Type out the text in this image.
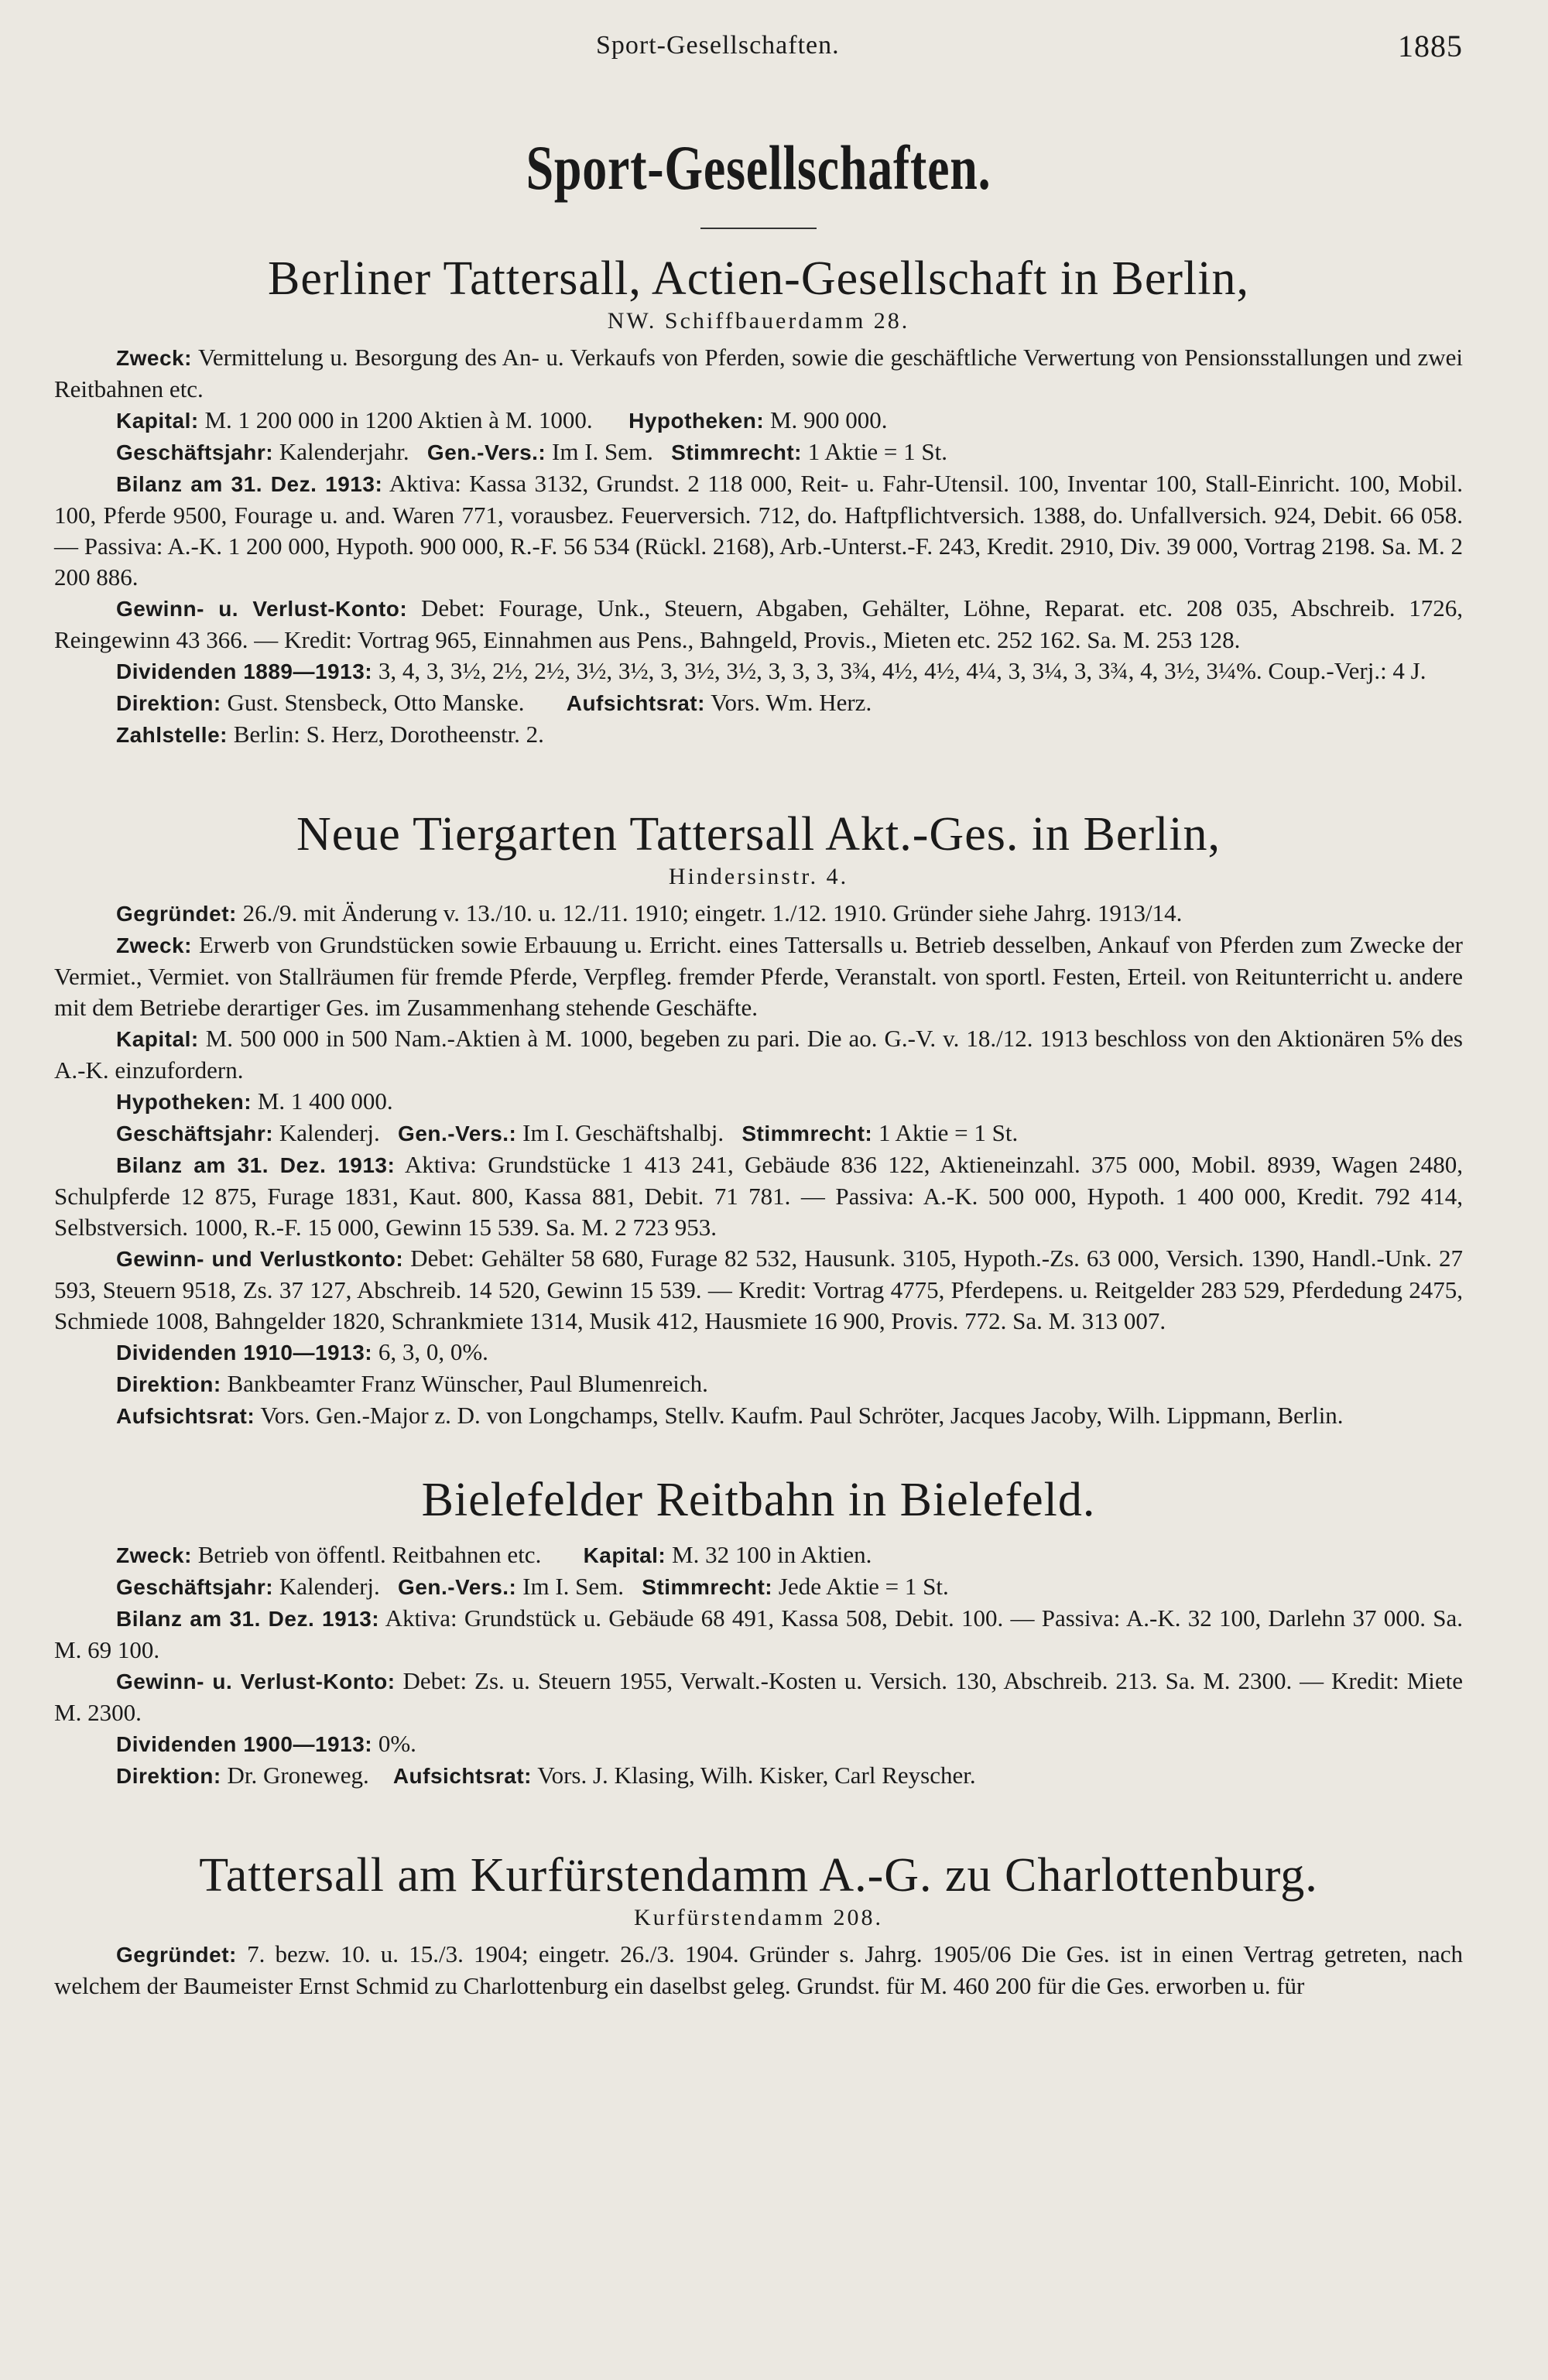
Sport-Gesellschaften.	1885
Sport-Gesellschaften.
Berliner Tattersall, Actien-Gesellschaft in Berlin,
NW. Schiffbauerdamm 28.

Zweck: Vermittelung u. Besorgung des An- u. Verkaufs von Pferden, sowie die geschäftliche Verwertung von Pensionsstallungen und zwei Reitbahnen etc.

Kapital: M. 1 200 000 in 1200 Aktien à M. 1000. Hypotheken: M. 900 000.

Geschäftsjahr: Kalenderjahr. Gen.-Vers.: Im I. Sem. Stimmrecht: 1 Aktie = 1 St.

Bilanz am 31. Dez. 1913: Aktiva: Kassa 3132, Grundst. 2 118 000, Reit- u. Fahr-Utensil. 100, Inventar 100, Stall-Einricht. 100, Mobil. 100, Pferde 9500, Fourage u. and. Waren 771, vorausbez. Feuerversich. 712, do. Haftpflichtversich. 1388, do. Unfallversich. 924, Debit. 66 058. — Passiva: A.-K. 1 200 000, Hypoth. 900 000, R.-F. 56 534 (Rückl. 2168), Arb.-Unterst.-F. 243, Kredit. 2910, Div. 39 000, Vortrag 2198. Sa. M. 2 200 886.

Gewinn- u. Verlust-Konto: Debet: Fourage, Unk., Steuern, Abgaben, Gehälter, Löhne, Reparat. etc. 208 035, Abschreib. 1726, Reingewinn 43 366. — Kredit: Vortrag 965, Einnahmen aus Pens., Bahngeld, Provis., Mieten etc. 252 162. Sa. M. 253 128.

Dividenden 1889—1913: 3, 4, 3, 3½, 2½, 2½, 3½, 3½, 3, 3½, 3½, 3, 3, 3, 3¾, 4½, 4½, 4¼, 3, 3¼, 3, 3¾, 4, 3½, 3¼%. Coup.-Verj.: 4 J.

Direktion: Gust. Stensbeck, Otto Manske. Aufsichtsrat: Vors. Wm. Herz.

Zahlstelle: Berlin: S. Herz, Dorotheenstr. 2.

Neue Tiergarten Tattersall Akt.-Ges. in Berlin,
Hindersinstr. 4.

Gegründet: 26./9. mit Änderung v. 13./10. u. 12./11. 1910; eingetr. 1./12. 1910. Gründer siehe Jahrg. 1913/14.

Zweck: Erwerb von Grundstücken sowie Erbauung u. Erricht. eines Tattersalls u. Betrieb desselben, Ankauf von Pferden zum Zwecke der Vermiet., Vermiet. von Stallräumen für fremde Pferde, Verpfleg. fremder Pferde, Veranstalt. von sportl. Festen, Erteil. von Reitunterricht u. andere mit dem Betriebe derartiger Ges. im Zusammenhang stehende Geschäfte.

Kapital: M. 500 000 in 500 Nam.-Aktien à M. 1000, begeben zu pari. Die ao. G.-V. v. 18./12. 1913 beschloss von den Aktionären 5% des A.-K. einzufordern.

Hypotheken: M. 1 400 000.

Geschäftsjahr: Kalenderj. Gen.-Vers.: Im I. Geschäftshalbj. Stimmrecht: 1 Aktie = 1 St.

Bilanz am 31. Dez. 1913: Aktiva: Grundstücke 1 413 241, Gebäude 836 122, Aktieneinzahl. 375 000, Mobil. 8939, Wagen 2480, Schulpferde 12 875, Furage 1831, Kaut. 800, Kassa 881, Debit. 71 781. — Passiva: A.-K. 500 000, Hypoth. 1 400 000, Kredit. 792 414, Selbstversich. 1000, R.-F. 15 000, Gewinn 15 539. Sa. M. 2 723 953.

Gewinn- und Verlustkonto: Debet: Gehälter 58 680, Furage 82 532, Hausunk. 3105, Hypoth.-Zs. 63 000, Versich. 1390, Handl.-Unk. 27 593, Steuern 9518, Zs. 37 127, Abschreib. 14 520, Gewinn 15 539. — Kredit: Vortrag 4775, Pferdepens. u. Reitgelder 283 529, Pferdedung 2475, Schmiede 1008, Bahngelder 1820, Schrankmiete 1314, Musik 412, Hausmiete 16 900, Provis. 772. Sa. M. 313 007.

Dividenden 1910—1913: 6, 3, 0, 0%.

Direktion: Bankbeamter Franz Wünscher, Paul Blumenreich.

Aufsichtsrat: Vors. Gen.-Major z. D. von Longchamps, Stellv. Kaufm. Paul Schröter, Jacques Jacoby, Wilh. Lippmann, Berlin.

Bielefelder Reitbahn in Bielefeld.

Zweck: Betrieb von öffentl. Reitbahnen etc. Kapital: M. 32 100 in Aktien.

Geschäftsjahr: Kalenderj. Gen.-Vers.: Im I. Sem. Stimmrecht: Jede Aktie = 1 St.

Bilanz am 31. Dez. 1913: Aktiva: Grundstück u. Gebäude 68 491, Kassa 508, Debit. 100. — Passiva: A.-K. 32 100, Darlehn 37 000. Sa. M. 69 100.

Gewinn- u. Verlust-Konto: Debet: Zs. u. Steuern 1955, Verwalt.-Kosten u. Versich. 130, Abschreib. 213. Sa. M. 2300. — Kredit: Miete M. 2300.

Dividenden 1900—1913: 0%.

Direktion: Dr. Groneweg. Aufsichtsrat: Vors. J. Klasing, Wilh. Kisker, Carl Reyscher.

Tattersall am Kurfürstendamm A.-G. zu Charlottenburg.
Kurfürstendamm 208.

Gegründet: 7. bezw. 10. u. 15./3. 1904; eingetr. 26./3. 1904. Gründer s. Jahrg. 1905/06 Die Ges. ist in einen Vertrag getreten, nach welchem der Baumeister Ernst Schmid zu Charlottenburg ein daselbst geleg. Grundst. für M. 460 200 für die Ges. erworben u. für
